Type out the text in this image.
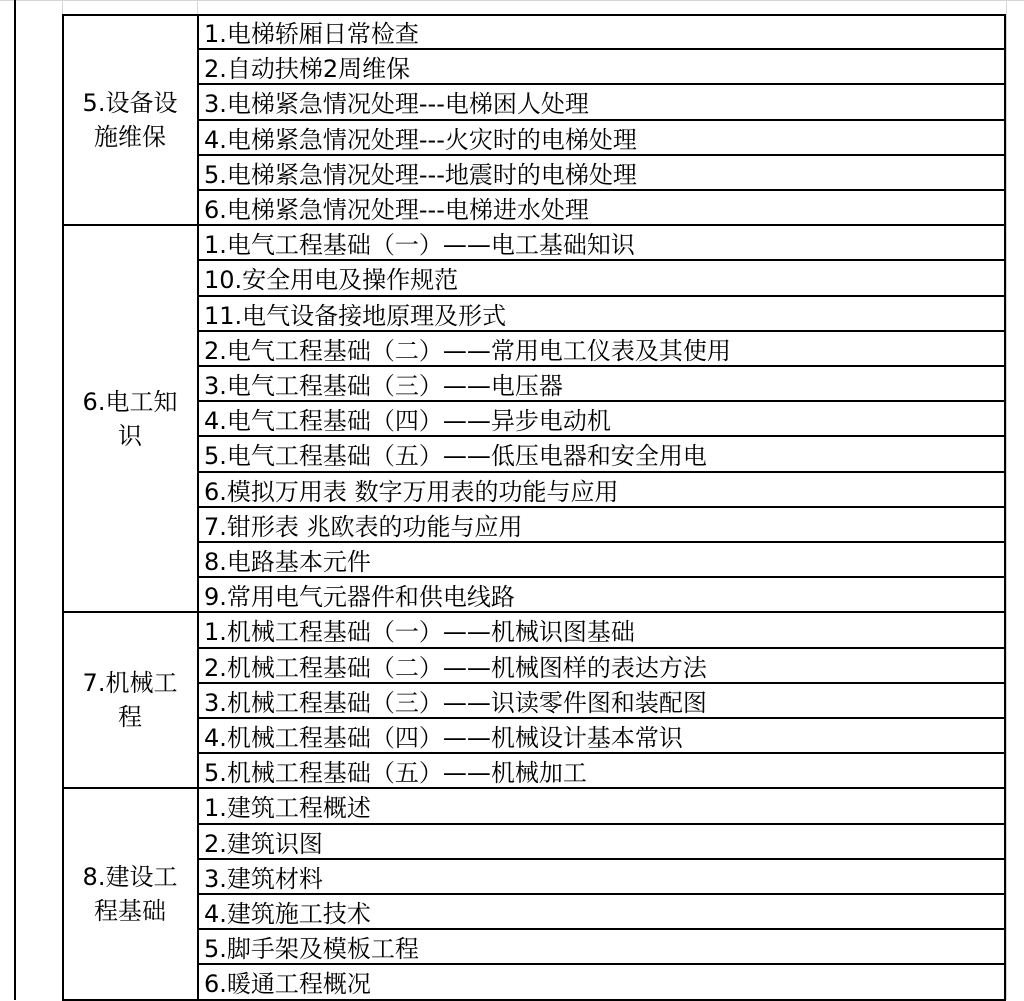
5.设备设施维保
1.电梯轿厢日常检查
2.自动扶梯2周维保
3.电梯紧急情况处理---电梯困人处理
4.电梯紧急情况处理---火灾时的电梯处理
5.电梯紧急情况处理---地震时的电梯处理
6.电梯紧急情况处理---电梯进水处理
6.电工知识
1.电气工程基础（一）——电工基础知识
10.安全用电及操作规范
11.电气设备接地原理及形式
2.电气工程基础（二）——常用电工仪表及其使用
3.电气工程基础（三）——电压器
4.电气工程基础（四）——异步电动机
5.电气工程基础（五）——低压电器和安全用电
6.模拟万用表 数字万用表的功能与应用
7.钳形表 兆欧表的功能与应用
8.电路基本元件
9.常用电气元器件和供电线路
7.机械工程
1.机械工程基础（一）——机械识图基础
2.机械工程基础（二）——机械图样的表达方法
3.机械工程基础（三）——识读零件图和装配图
4.机械工程基础（四）——机械设计基本常识
5.机械工程基础（五）——机械加工
8.建设工程基础
1.建筑工程概述
2.建筑识图
3.建筑材料
4.建筑施工技术
5.脚手架及模板工程
6.暖通工程概况
